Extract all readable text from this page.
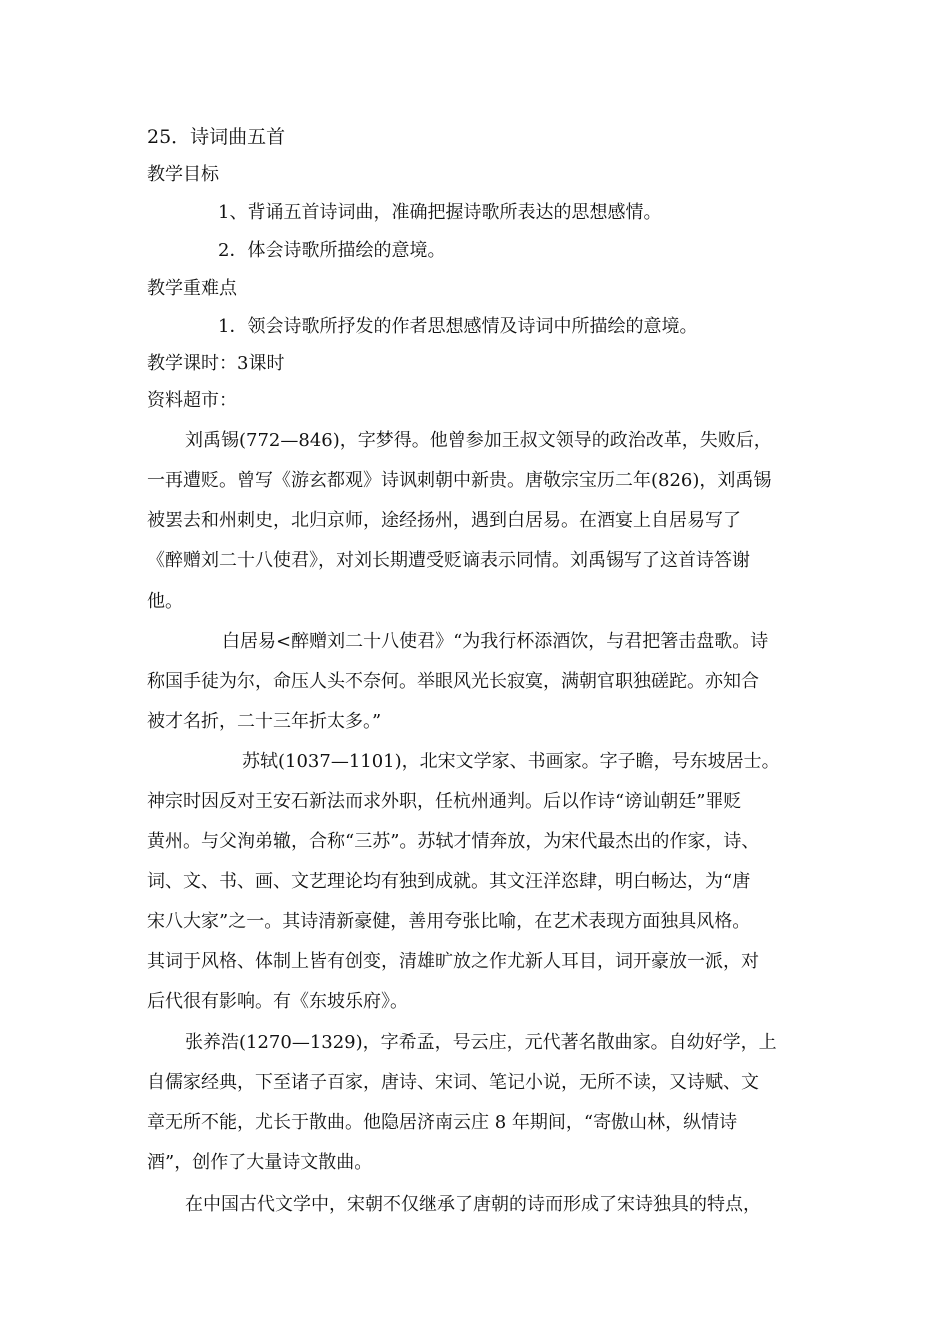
25．诗词曲五首
教学目标
1、背诵五首诗词曲，准确把握诗歌所表达的思想感情。
2．体会诗歌所描绘的意境。
教学重难点
1．领会诗歌所抒发的作者思想感情及诗词中所描绘的意境。
教学课时：3课时
资料超市：
刘禹锡(772—846)，字梦得。他曾参加王叔文领导的政治改革，失败后，
一再遭贬。曾写《游玄都观》诗讽刺朝中新贵。唐敬宗宝历二年(826)，刘禹锡
被罢去和州刺史，北归京师，途经扬州，遇到白居易。在酒宴上自居易写了
《醉赠刘二十八使君》，对刘长期遭受贬谪表示同情。刘禹锡写了这首诗答谢
他。
白居易<醉赠刘二十八使君》“为我行杯添酒饮，与君把箸击盘歌。诗
称国手徒为尔，命压人头不奈何。举眼风光长寂寞，满朝官职独磋跎。亦知合
被才名折，二十三年折太多。”
苏轼(1037—1101)，北宋文学家、书画家。字子瞻，号东坡居士。
神宗时因反对王安石新法而求外职，任杭州通判。后以作诗“谤讪朝廷”罪贬
黄州。与父洵弟辙，合称“三苏”。苏轼才情奔放，为宋代最杰出的作家，诗、
词、文、书、画、文艺理论均有独到成就。其文汪洋恣肆，明白畅达，为“唐
宋八大家”之一。其诗清新豪健，善用夸张比喻，在艺术表现方面独具风格。
其词于风格、体制上皆有创变，清雄旷放之作尤新人耳目，词开豪放一派，对
后代很有影响。有《东坡乐府》。
张养浩(1270—1329)，字希孟，号云庄，元代著名散曲家。自幼好学，上
自儒家经典，下至诸子百家，唐诗、宋词、笔记小说，无所不读，又诗赋、文
章无所不能，尤长于散曲。他隐居济南云庄 8 年期间，“寄傲山林，纵情诗
酒”，创作了大量诗文散曲。
在中国古代文学中，宋朝不仅继承了唐朝的诗而形成了宋诗独具的特点，
